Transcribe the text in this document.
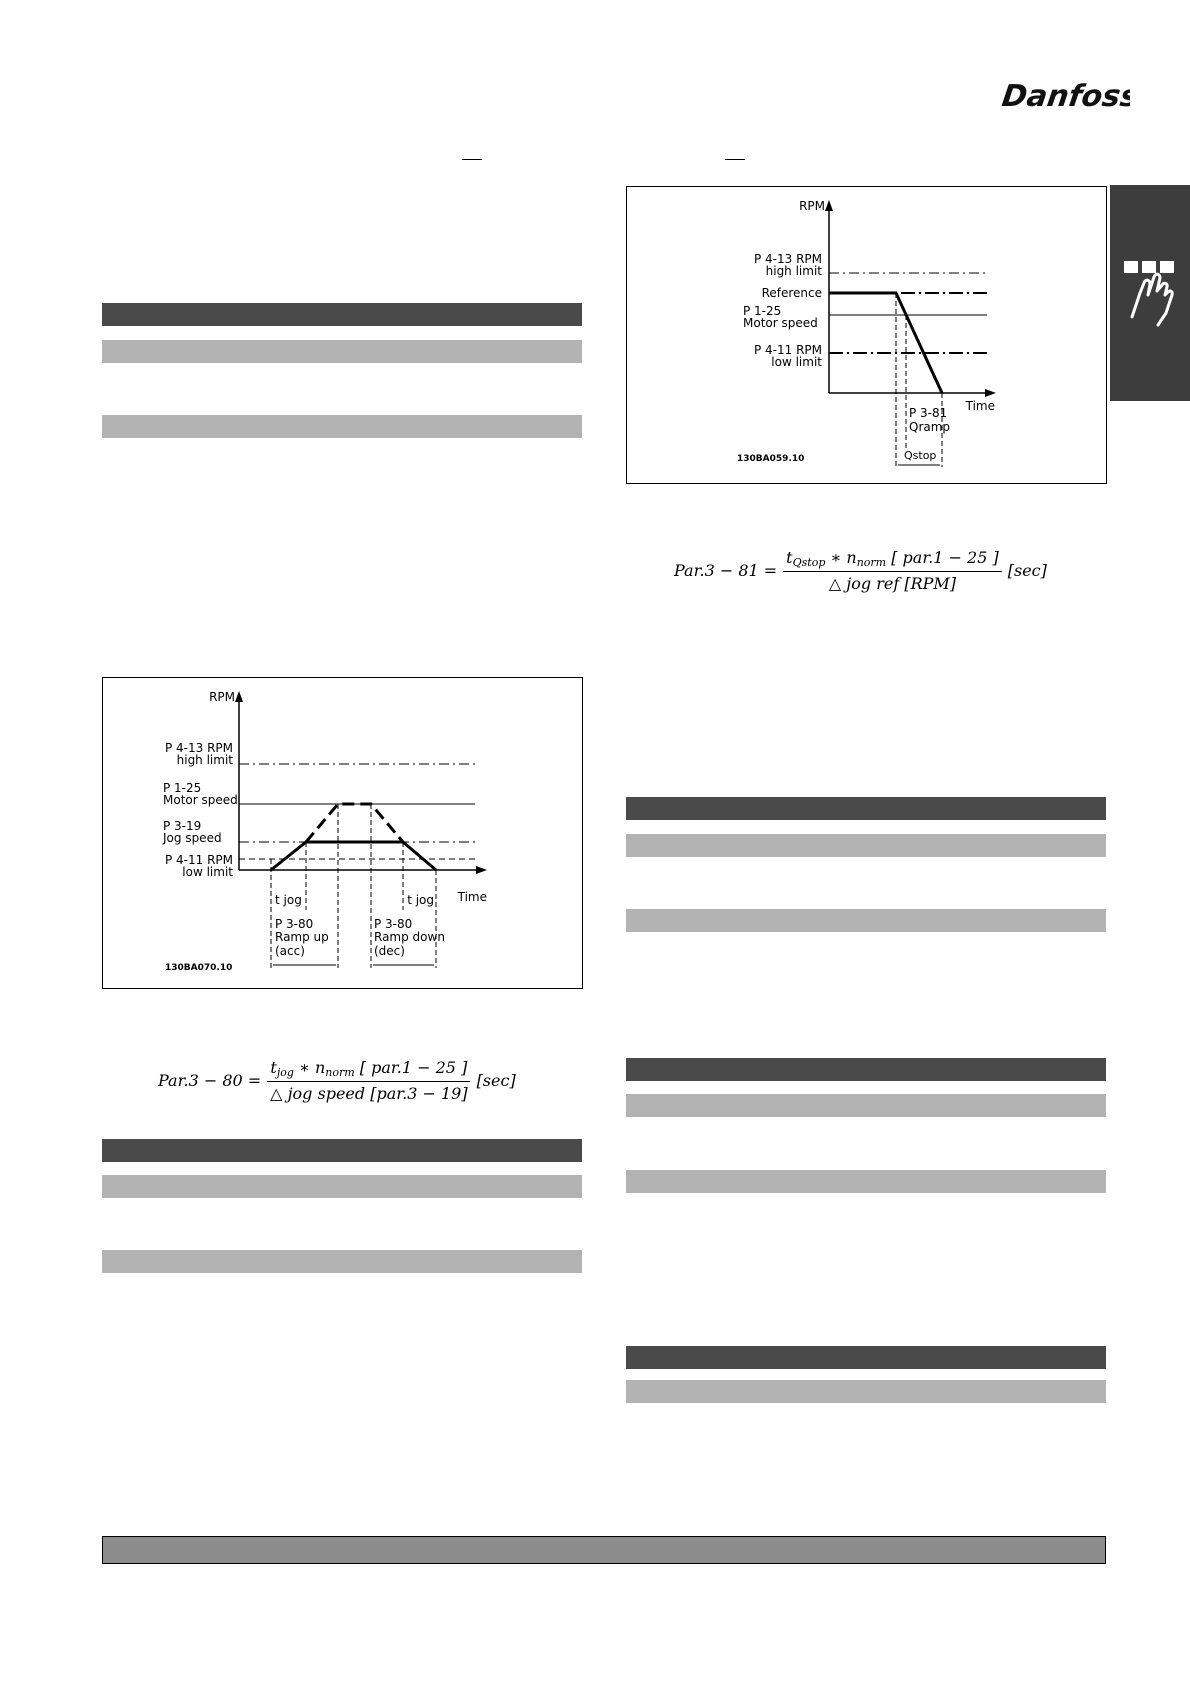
Danfoss
RPM
P 4-13 RPM
high limit
P 1-25
Motor speed
P 3-19
Jog speed
P 4-11 RPM
low limit
Time
t jog	t jog
P 3-80
Ramp up
(acc)
P 3-80
Ramp down
(dec)
130BA070.10
$Par.3 - 80 = \frac{t_{jog} ∗ n_{norm} [ par.1 - 25 ]}{\text{△ jog speed [par.3 − 19]}} [\sec]$
RPM
P 4-13 RPM
high limit
Reference
P 1-25
Motor speed
P 4-11 RPM
low limit
Time
P 3-81
Qramp
Qstop
130BA059.10
$Par.3 - 81 = \frac{t_{Qstop} ∗ n_{norm} [ par.1 - 25 ]}{\text{△ jog ref [RPM]}} [\sec]$
